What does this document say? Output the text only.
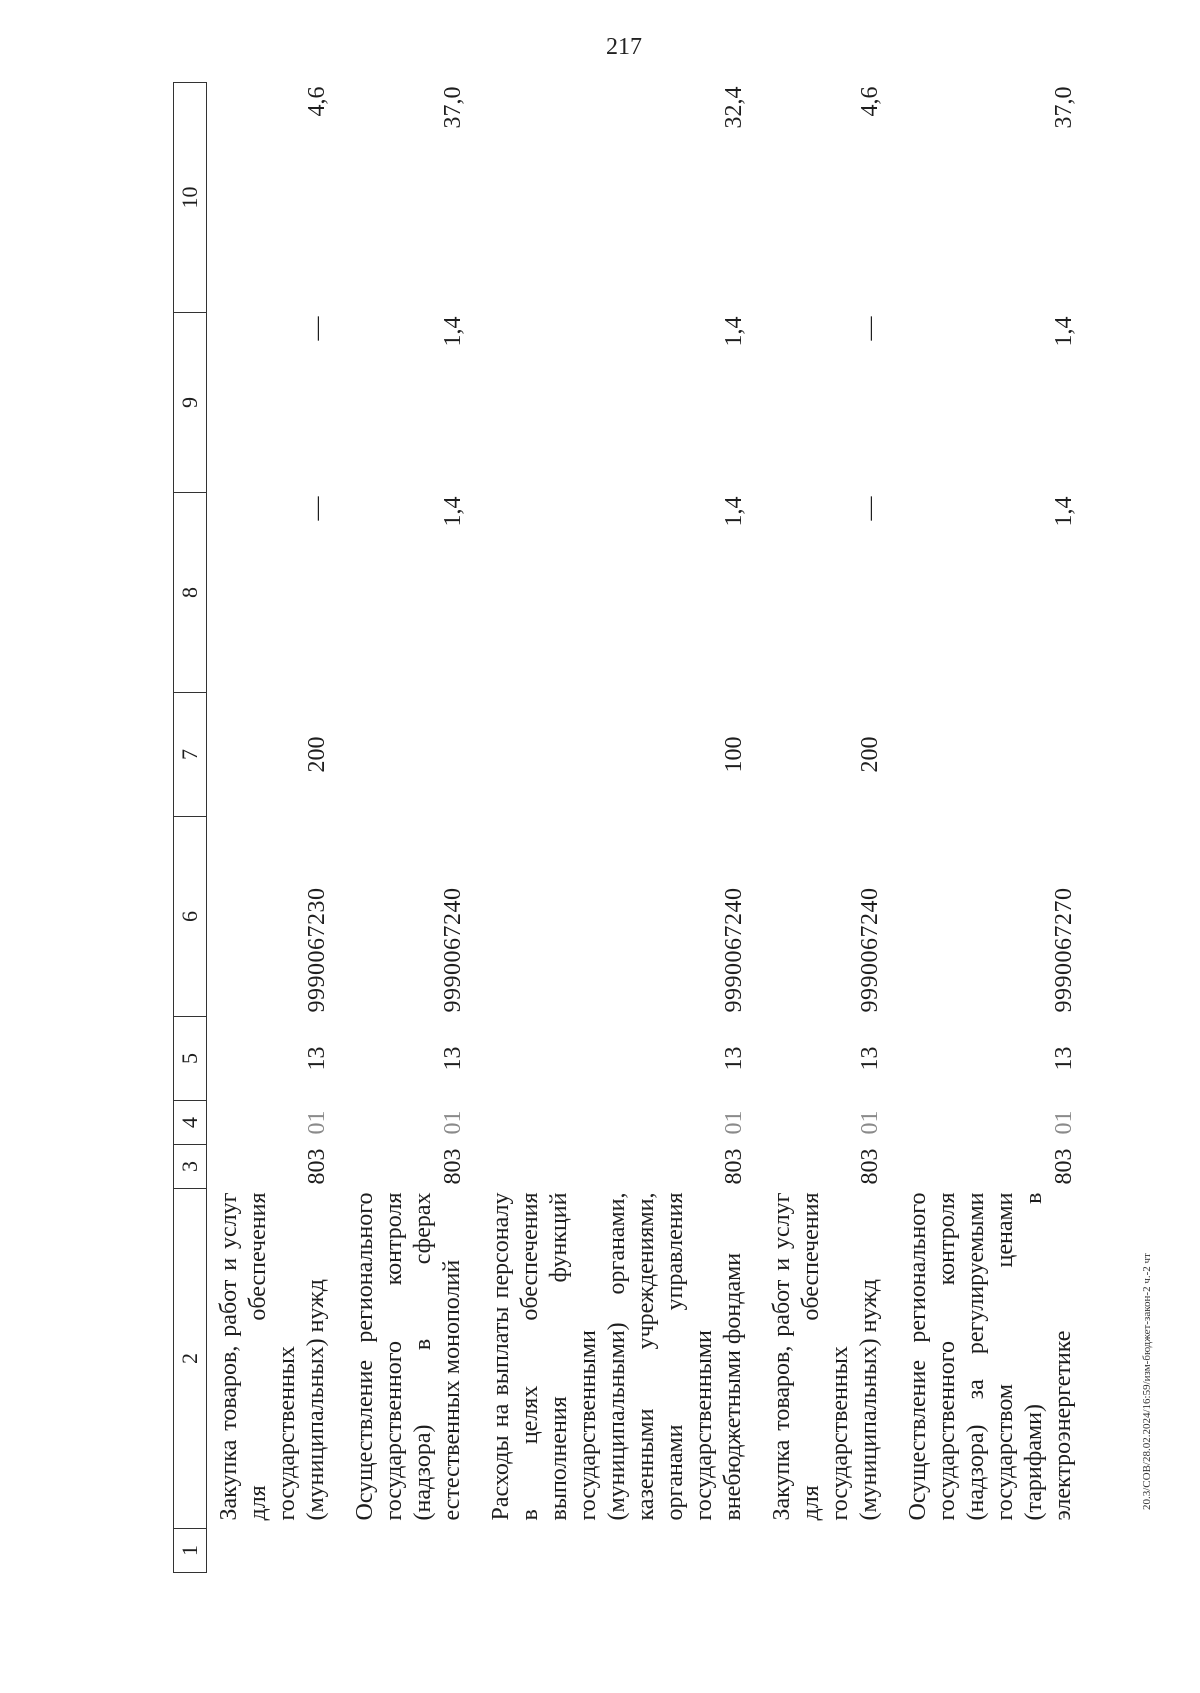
217
20.3/СОВ/28.02.2024/16:59/изм-бюджет-закон-2 ч.-2 чт
1	2	3	4	5	6	7	8	9	10
	Закупка товаров, работ и услуг для обеспечения государственных (муниципальных) нужд	803	01	13	9990067230	200	—	—	4,6
	Осуществление регионального государственного контроля (надзора) в сферах естественных монополий	803	01	13	9990067240		1,4	1,4	37,0
	Расходы на выплаты персоналу в целях обеспечения выполнения функций государственными (муниципальными) органами, казенными учреждениями, органами управления государственными внебюджетными фондами	803	01	13	9990067240	100	1,4	1,4	32,4
	Закупка товаров, работ и услуг для обеспечения государственных (муниципальных) нужд	803	01	13	9990067240	200	—	—	4,6
	Осуществление регионального государственного контроля (надзора) за регулируемыми государством ценами (тарифами) в электроэнергетике	803	01	13	9990067270		1,4	1,4	37,0
